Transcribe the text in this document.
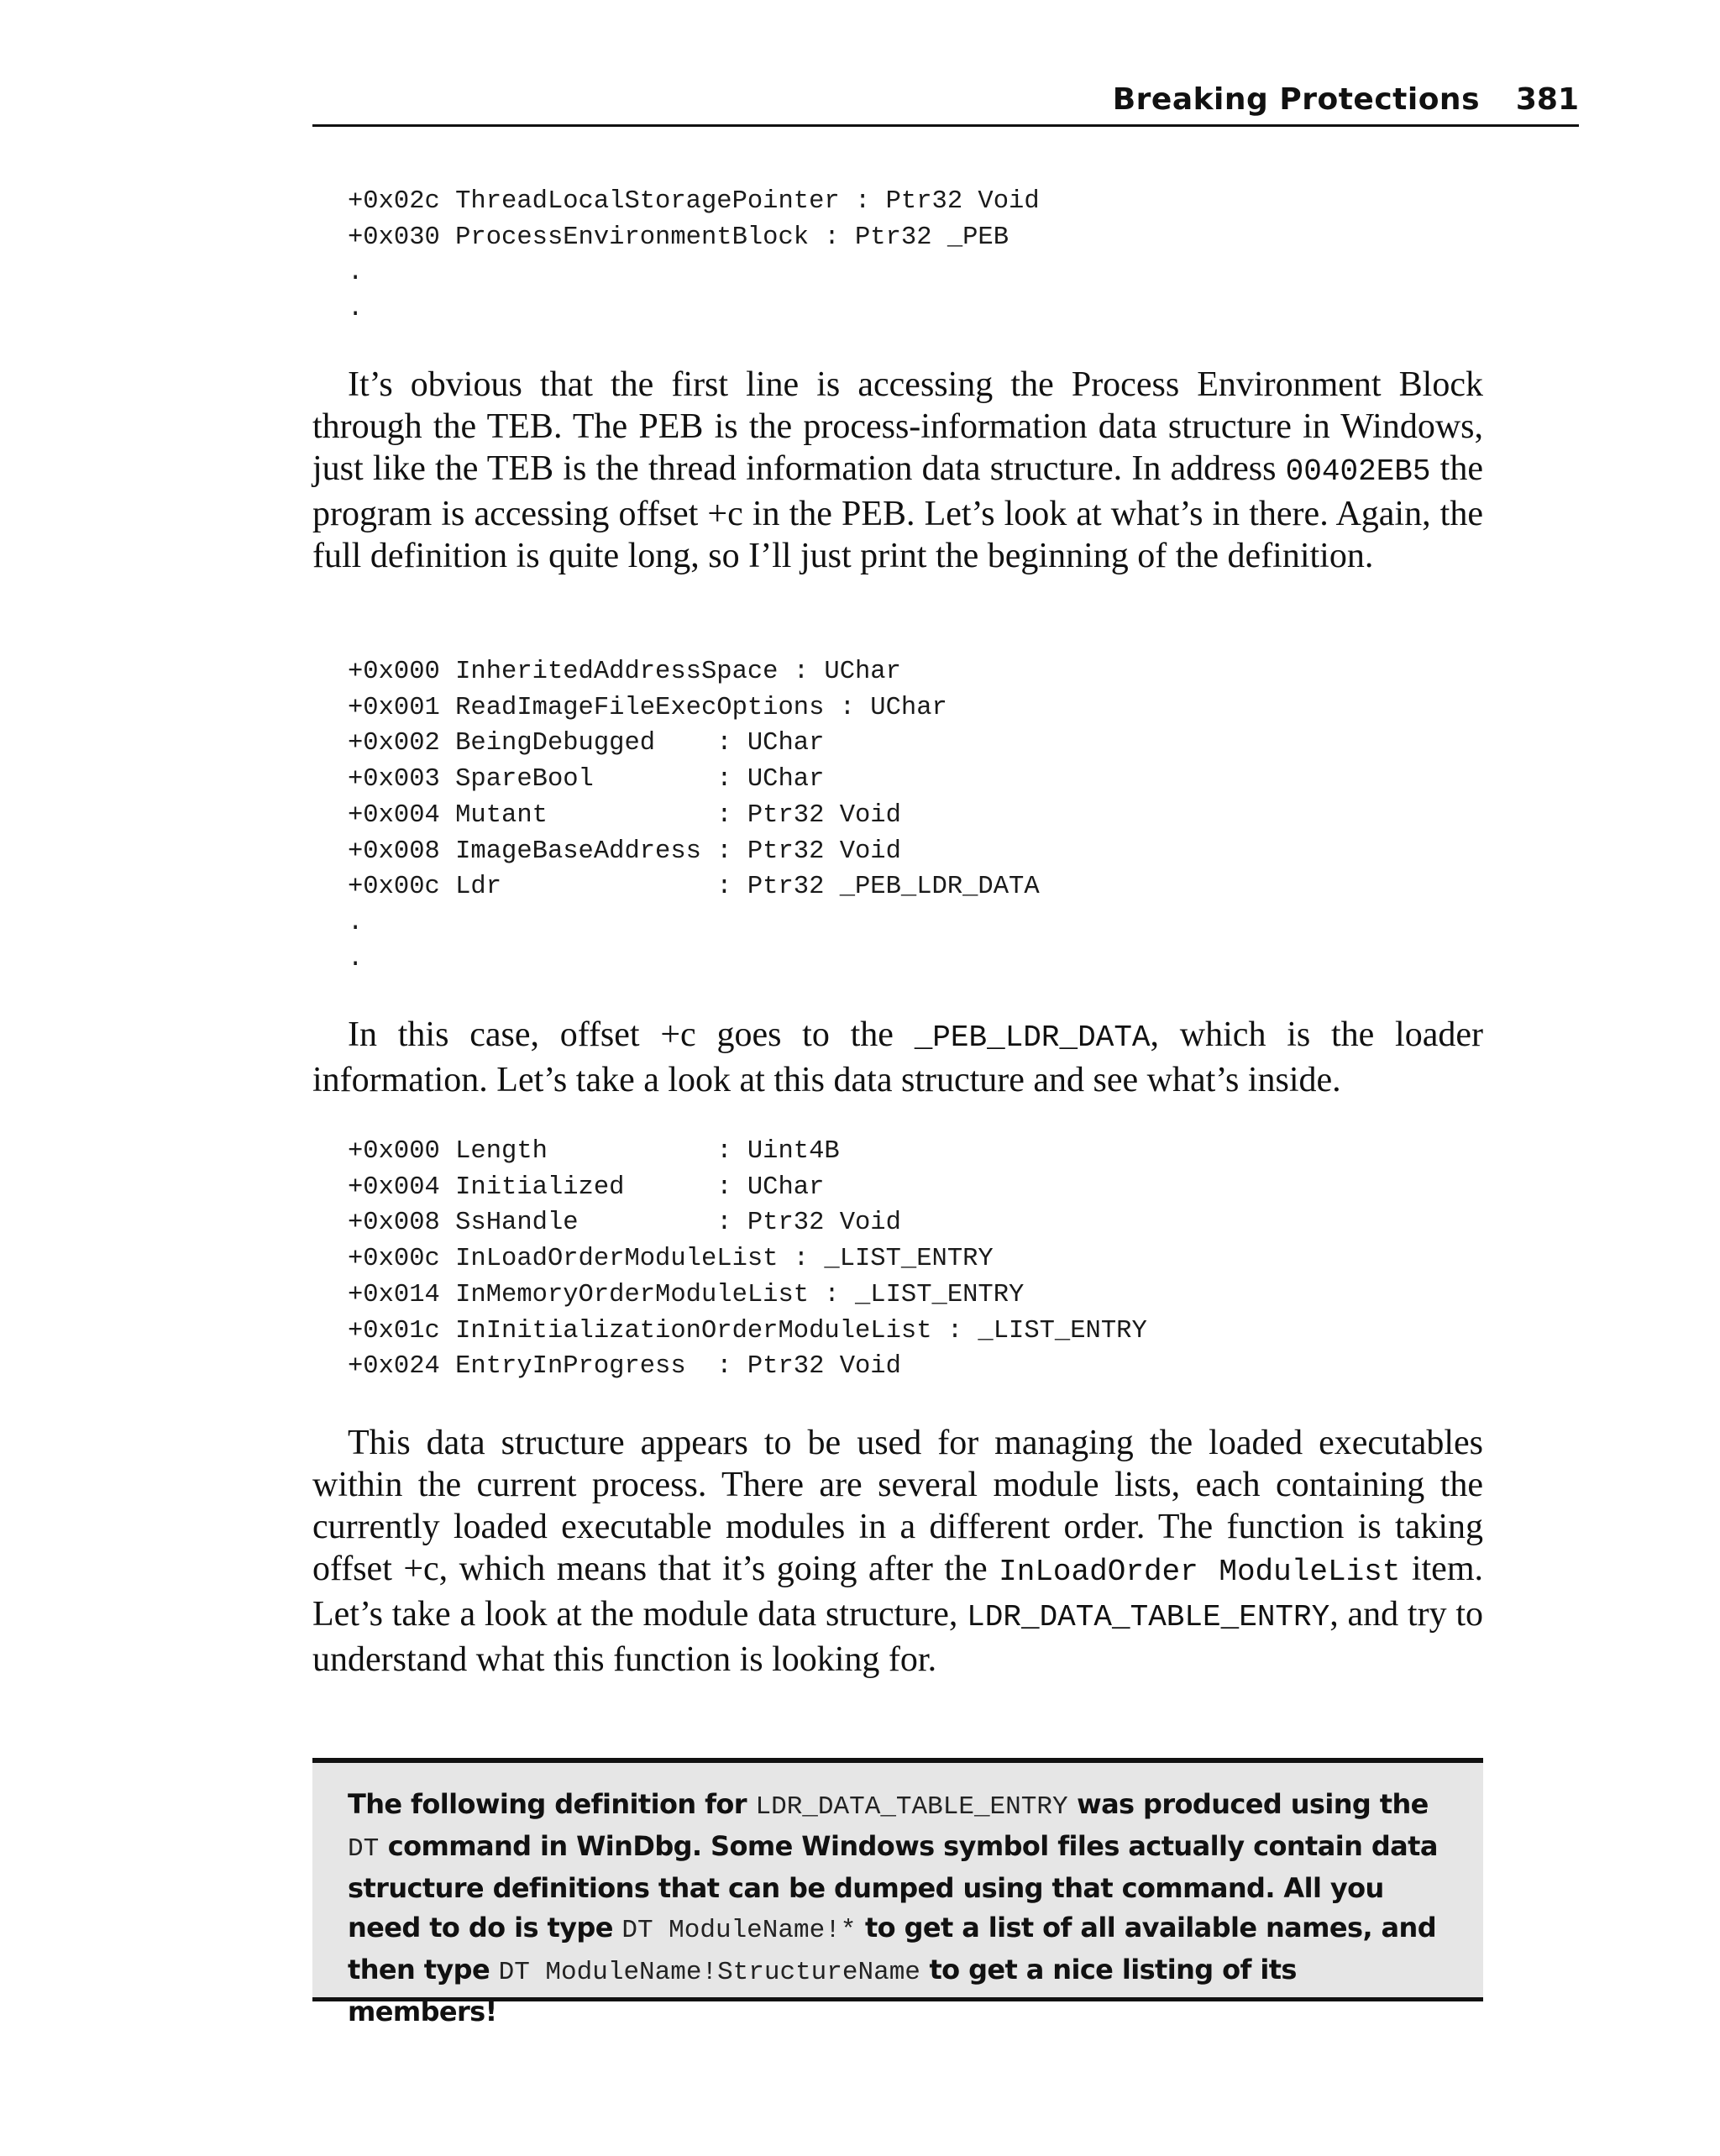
Breaking Protections 381
+0x02c ThreadLocalStoragePointer : Ptr32 Void
+0x030 ProcessEnvironmentBlock : Ptr32 _PEB
.
.

It’s obvious that the first line is accessing the Process Environment Block through the TEB. The PEB is the process-information data structure in Windows, just like the TEB is the thread information data structure. In address 00402EB5 the program is accessing offset +c in the PEB. Let’s look at what’s in there. Again, the full definition is quite long, so I’ll just print the beginning of the definition.

+0x000 InheritedAddressSpace : UChar
+0x001 ReadImageFileExecOptions : UChar
+0x002 BeingDebugged    : UChar
+0x003 SpareBool        : UChar
+0x004 Mutant           : Ptr32 Void
+0x008 ImageBaseAddress : Ptr32 Void
+0x00c Ldr              : Ptr32 _PEB_LDR_DATA
.
.

In this case, offset +c goes to the _PEB_LDR_DATA, which is the loader information. Let’s take a look at this data structure and see what’s inside.

+0x000 Length           : Uint4B
+0x004 Initialized      : UChar
+0x008 SsHandle         : Ptr32 Void
+0x00c InLoadOrderModuleList : _LIST_ENTRY
+0x014 InMemoryOrderModuleList : _LIST_ENTRY
+0x01c InInitializationOrderModuleList : _LIST_ENTRY
+0x024 EntryInProgress  : Ptr32 Void

This data structure appears to be used for managing the loaded executables within the current process. There are several module lists, each containing the currently loaded executable modules in a different order. The function is taking offset +c, which means that it’s going after the InLoadOrder ModuleList item. Let’s take a look at the module data structure, LDR_DATA_TABLE_ENTRY, and try to understand what this function is looking for.

The following definition for LDR_DATA_TABLE_ENTRY was produced using the DT command in WinDbg. Some Windows symbol files actually contain data structure definitions that can be dumped using that command. All you need to do is type DT ModuleName!* to get a list of all available names, and then type DT ModuleName!StructureName to get a nice listing of its members!
